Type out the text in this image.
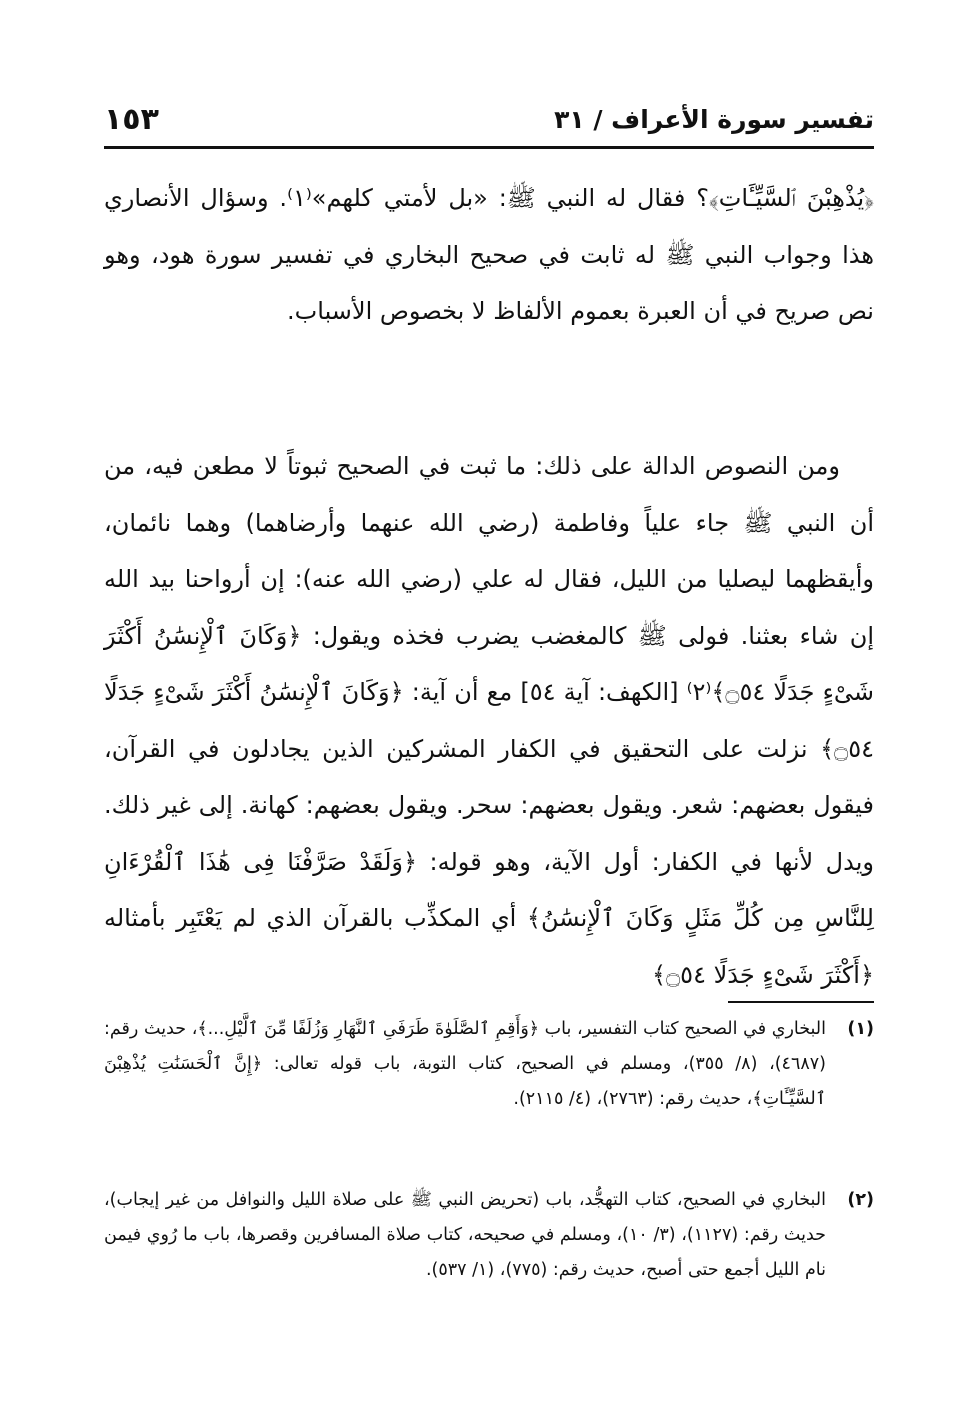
تفسير سورة الأعراف / ٣١
١٥٣

﴿يُذْهِبْنَ ٱلسَّيِّـَٔاتِ﴾؟ فقال له النبي ﷺ: «بل لأمتي كلهم»⁽١⁾. وسؤال الأنصاري هذا وجواب النبي ﷺ له ثابت في صحيح البخاري في تفسير سورة هود، وهو نص صريح في أن العبرة بعموم الألفاظ لا بخصوص الأسباب.

ومن النصوص الدالة على ذلك: ما ثبت في الصحيح ثبوتاً لا مطعن فيه، من أن النبي ﷺ جاء علياً وفاطمة (رضي الله عنهما وأرضاهما) وهما نائمان، وأيقظهما ليصليا من الليل، فقال له علي (رضي الله عنه): إن أرواحنا بيد الله إن شاء بعثنا. فولى ﷺ كالمغضب يضرب فخذه ويقول: ﴿وَكَانَ ٱلْإِنسَٰنُ أَكْثَرَ شَىْءٍ جَدَلًا ۝٥٤﴾⁽٢⁾ [الكهف: آية ٥٤] مع أن آية: ﴿وَكَانَ ٱلْإِنسَٰنُ أَكْثَرَ شَىْءٍ جَدَلًا ۝٥٤﴾ نزلت على التحقيق في الكفار المشركين الذين يجادلون في القرآن، فيقول بعضهم: شعر. ويقول بعضهم: سحر. ويقول بعضهم: كهانة. إلى غير ذلك. ويدل لأنها في الكفار: أول الآية، وهو قوله: ﴿وَلَقَدْ صَرَّفْنَا فِى هَٰذَا ٱلْقُرْءَانِ لِلنَّاسِ مِن كُلِّ مَثَلٍ وَكَانَ ٱلْإِنسَٰنُ﴾ أي المكذِّب بالقرآن الذي لم يَعْتَبِر بأمثاله ﴿أَكْثَرَ شَىْءٍ جَدَلًا ۝٥٤﴾

(١)
البخاري في الصحيح كتاب التفسير، باب ﴿وَأَقِمِ ٱلصَّلَوٰةَ طَرَفَىِ ٱلنَّهَارِ وَزُلَفًا مِّنَ ٱلَّيْلِ...﴾، حديث رقم: (٤٦٨٧)، (٨/ ٣٥٥)، ومسلم في الصحيح، كتاب التوبة، باب قوله تعالى: ﴿إِنَّ ٱلْحَسَنَٰتِ يُذْهِبْنَ ٱلسَّيِّـَٔاتِ﴾، حديث رقم: (٢٧٦٣)، (٤/ ٢١١٥).
(٢)
البخاري في الصحيح، كتاب التهجُّد، باب (تحريض النبي ﷺ على صلاة الليل والنوافل من غير إيجاب)، حديث رقم: (١١٢٧)، (٣/ ١٠)، ومسلم في صحيحه، كتاب صلاة المسافرين وقصرها، باب ما رُوي فيمن نام الليل أجمع حتى أصبح، حديث رقم: (٧٧٥)، (١/ ٥٣٧).
